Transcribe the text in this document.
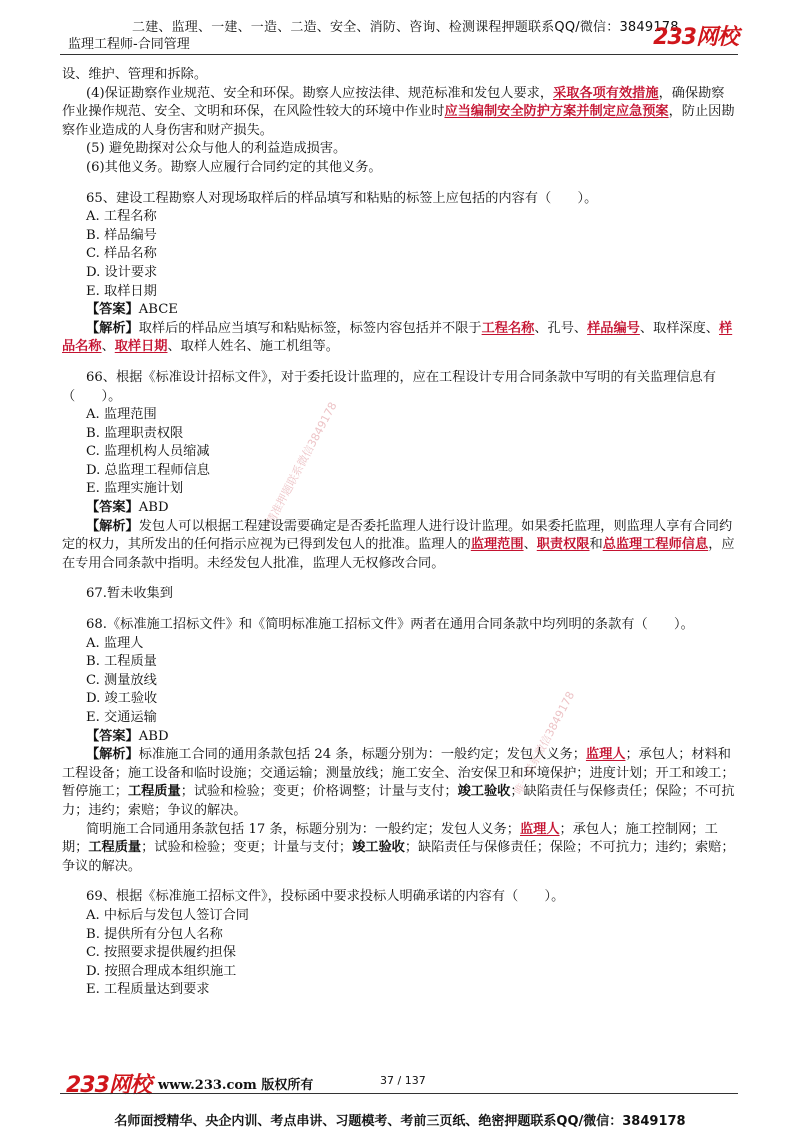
二建、监理、一建、一造、二造、安全、消防、咨询、检测课程押题联系QQ/微信：3849178
监理工程师-合同管理	233网校
精准押题联系微信3849178
唯一联系微信3849178

设、维护、管理和拆除。

(4)保证勘察作业规范、安全和环保。勘察人应按法律、规范标准和发包人要求，采取各项有效措施，确保勘察作业操作规范、安全、文明和环保，在风险性较大的环境中作业时应当编制安全防护方案并制定应急预案，防止因勘察作业造成的人身伤害和财产损失。

(5) 避免勘探对公众与他人的利益造成损害。

(6)其他义务。勘察人应履行合同约定的其他义务。

65、建设工程勘察人对现场取样后的样品填写和粘贴的标签上应包括的内容有（　　）。

A. 工程名称

B. 样品编号

C. 样品名称

D. 设计要求

E. 取样日期

【答案】ABCE

【解析】取样后的样品应当填写和粘贴标签，标签内容包括并不限于工程名称、孔号、样品编号、取样深度、样品名称、取样日期、取样人姓名、施工机组等。

66、根据《标准设计招标文件》，对于委托设计监理的，应在工程设计专用合同条款中写明的有关监理信息有（　　）。

A. 监理范围

B. 监理职责权限

C. 监理机构人员缩减

D. 总监理工程师信息

E. 监理实施计划

【答案】ABD

【解析】发包人可以根据工程建设需要确定是否委托监理人进行设计监理。如果委托监理，则监理人享有合同约定的权力，其所发出的任何指示应视为已得到发包人的批准。监理人的监理范围、职责权限和总监理工程师信息，应在专用合同条款中指明。未经发包人批准，监理人无权修改合同。

67.暂未收集到

68.《标准施工招标文件》和《简明标准施工招标文件》两者在通用合同条款中均列明的条款有（　　）。

A. 监理人

B. 工程质量

C. 测量放线

D. 竣工验收

E. 交通运输

【答案】ABD

【解析】标准施工合同的通用条款包括 24 条，标题分别为：一般约定；发包人义务；监理人；承包人；材料和工程设备；施工设备和临时设施；交通运输；测量放线；施工安全、治安保卫和环境保护；进度计划；开工和竣工；暂停施工；工程质量；试验和检验；变更；价格调整；计量与支付；竣工验收；缺陷责任与保修责任；保险；不可抗力；违约；索赔；争议的解决。

简明施工合同通用条款包括 17 条，标题分别为：一般约定；发包人义务；监理人；承包人；施工控制网；工期；工程质量；试验和检验；变更；计量与支付；竣工验收；缺陷责任与保修责任；保险；不可抗力；违约；索赔；争议的解决。

69、根据《标准施工招标文件》，投标函中要求投标人明确承诺的内容有（　　）。

A. 中标后与发包人签订合同

B. 提供所有分包人名称

C. 按照要求提供履约担保

D. 按照合理成本组织施工

E. 工程质量达到要求

233网校 www.233.com 版权所有	37 / 137
名师面授精华、央企内训、考点串讲、习题模考、考前三页纸、绝密押题联系QQ/微信：3849178
